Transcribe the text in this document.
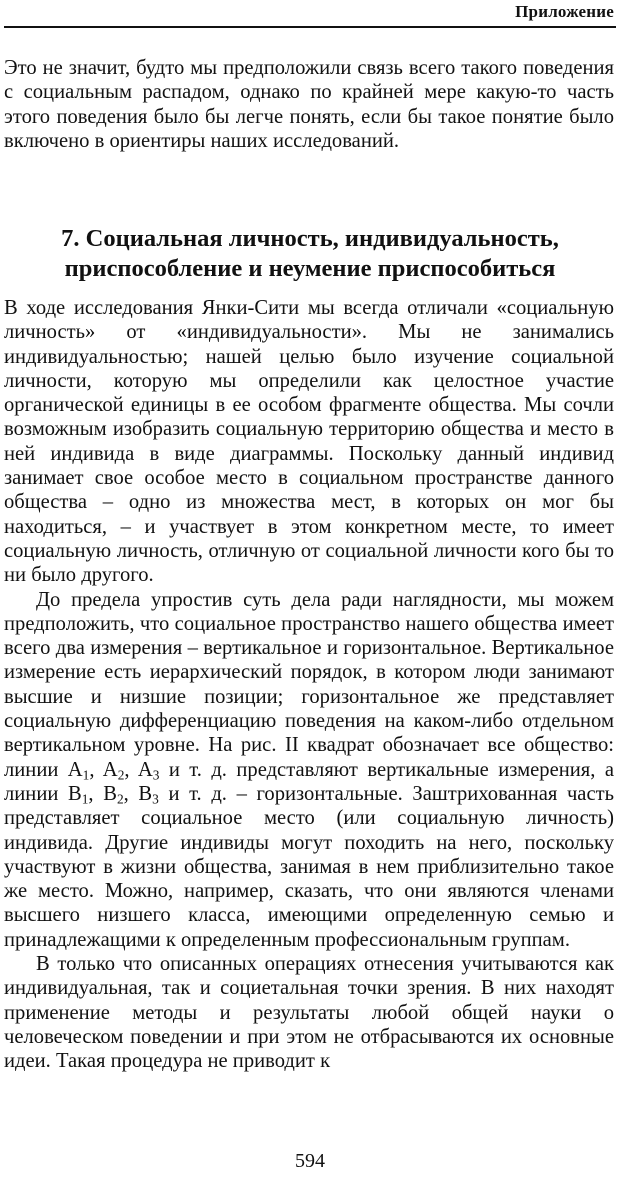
Приложение

Это не значит, будто мы предположили связь всего такого поведения с социальным распадом, однако по крайней мере какую-то часть этого поведения было бы легче понять, если бы такое понятие было включено в ориентиры наших исследований.

7. Социальная личность, индивидуальность,
приспособление и неумение приспособиться

В ходе исследования Янки-Сити мы всегда отличали «социальную личность» от «индивидуальности». Мы не занимались индивидуальностью; нашей целью было изучение социальной личности, которую мы определили как целостное участие органической единицы в ее особом фрагменте общества. Мы сочли возможным изобразить социальную территорию общества и место в ней индивида в виде диаграммы. Поскольку данный индивид занимает свое особое место в социальном пространстве данного общества – одно из множества мест, в которых он мог бы находиться, – и участвует в этом конкретном месте, то имеет социальную личность, отличную от социальной личности кого бы то ни было другого.

До предела упростив суть дела ради наглядности, мы можем предположить, что социальное пространство нашего общества имеет всего два измерения – вертикальное и горизонтальное. Вертикальное измерение есть иерархический порядок, в котором люди занимают высшие и низшие позиции; горизонтальное же представляет социальную дифференциацию поведения на каком-либо отдельном вертикальном уровне. На рис. II квадрат обозначает все общество: линии $A_1$, $A_2$, $A_3$ и т. д. представляют вертикальные измерения, а линии $B_1$, $B_2$, $B_3$ и т. д. – горизонтальные. Заштрихованная часть представляет социальное место (или социальную личность) индивида. Другие индивиды могут походить на него, поскольку участвуют в жизни общества, занимая в нем приблизительно такое же место. Можно, например, сказать, что они являются членами высшего низшего класса, имеющими определенную семью и принадлежащими к определенным профессиональным группам.

В только что описанных операциях отнесения учитываются как индивидуальная, так и социетальная точки зрения. В них находят применение методы и результаты любой общей науки о человеческом поведении и при этом не отбрасываются их основные идеи. Такая процедура не приводит к

594
